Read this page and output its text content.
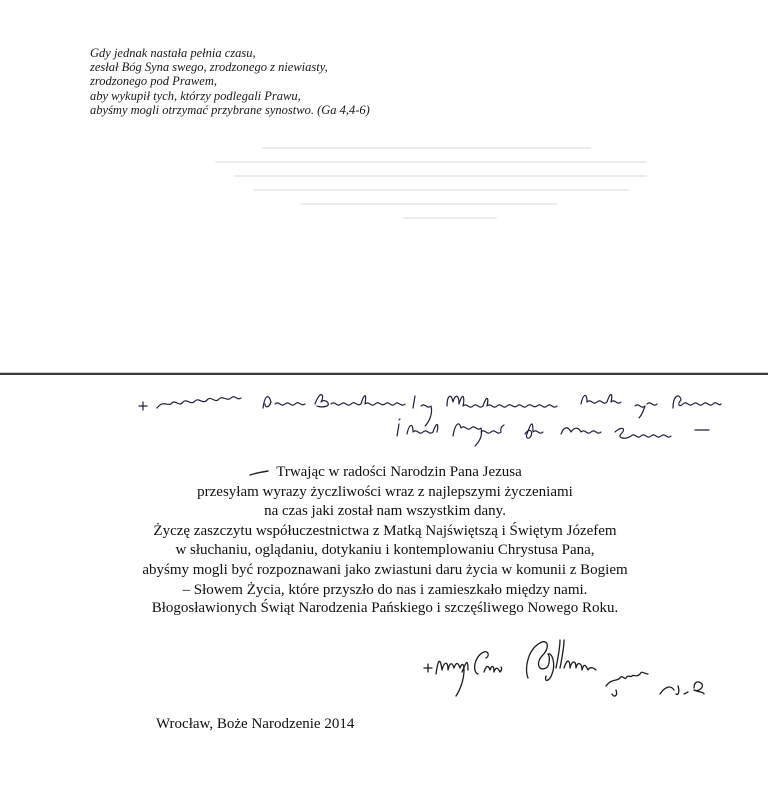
Gdy jednak nastała pełnia czasu,
zesłał Bóg Syna swego, zrodzonego z niewiasty,
zrodzonego pod Prawem,
aby wykupił tych, którzy podlegali Prawu,
abyśmy mogli otrzymać przybrane synostwo. (Ga 4,4-6)
Trwając w radości Narodzin Pana Jezusa
przesyłam wyrazy życzliwości wraz z najlepszymi życzeniami
na czas jaki został nam wszystkim dany.
Życzę zaszczytu współuczestnictwa z Matką Najświętszą i Świętym Józefem
w słuchaniu, oglądaniu, dotykaniu i kontemplowaniu Chrystusa Pana,
abyśmy mogli być rozpoznawani jako zwiastuni daru życia w komunii z Bogiem
– Słowem Życia, które przyszło do nas i zamieszkało między nami.
Błogosławionych Świąt Narodzenia Pańskiego i szczęśliwego Nowego Roku.
Wrocław, Boże Narodzenie 2014
